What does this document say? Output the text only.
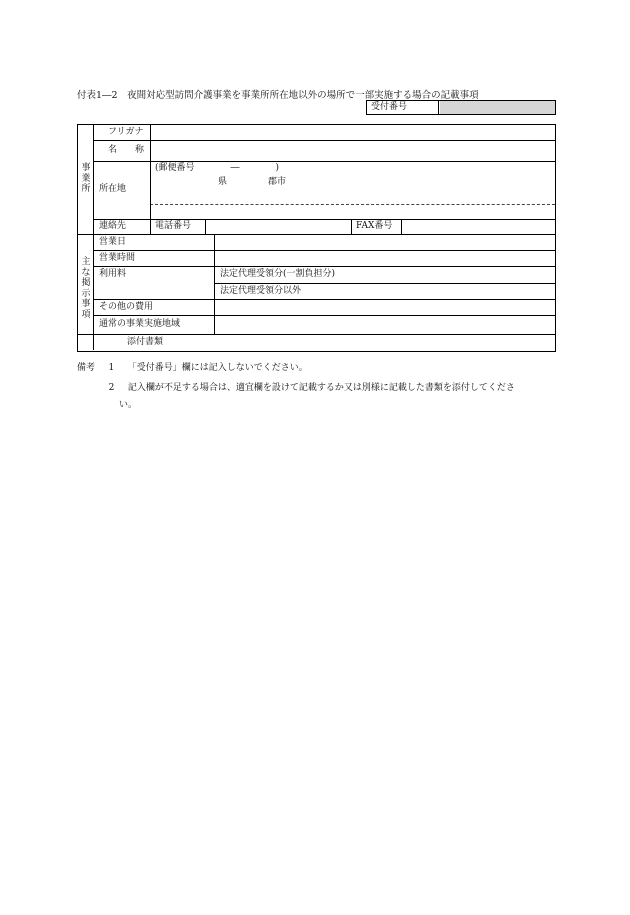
付表1―2　夜間対応型訪問介護事業を事業所所在地以外の場所で一部実施する場合の記載事項
受付番号
事
業
所
主
な
掲
示
事
項
フリガナ
名　　称
所在地
(郵便番号　　　　―　　　　)
県	郡市
連絡先	電話番号	FAX番号
営業日
営業時間
利用料	法定代理受領分(一割負担分)
法定代理受領分以外
その他の費用
通常の事業実施地域
添付書類
備考 1 「受付番号」欄には記入しないでください。
2 記入欄が不足する場合は、適宜欄を設けて記載するか又は別様に記載した書類を添付してくださ
い。
